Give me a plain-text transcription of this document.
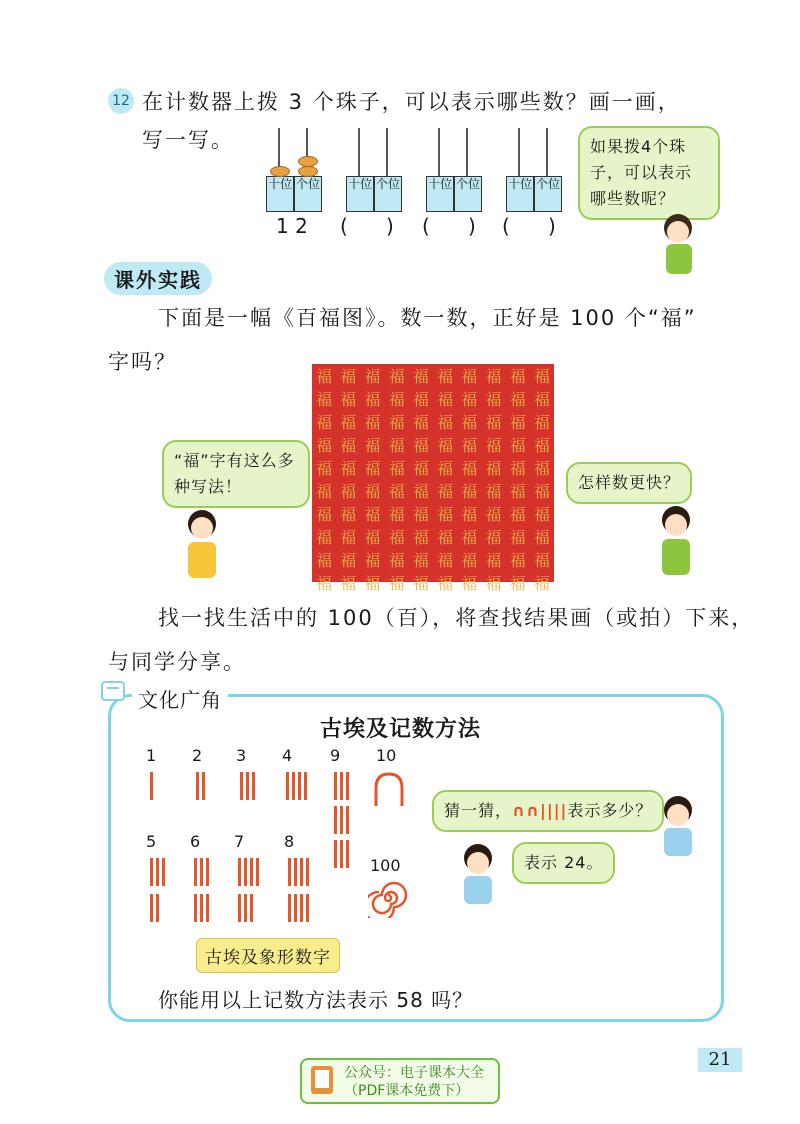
12 在计数器上拨 3 个珠子，可以表示哪些数？画一画，
写一写。
十位 个位 十位 个位 十位 个位 十位 个位
1 2 (      ) (      ) (      )
如果拨4个珠子，可以表示哪些数呢？
课外实践
下面是一幅《百福图》。数一数，正好是 100 个“福”
字吗？
福 福 福 福 福 福 福 福 福 福
福 福 福 福 福 福 福 福 福 福
福 福 福 福 福 福 福 福 福 福
福 福 福 福 福 福 福 福 福 福
福 福 福 福 福 福 福 福 福 福
福 福 福 福 福 福 福 福 福 福
福 福 福 福 福 福 福 福 福 福
福 福 福 福 福 福 福 福 福 福
福 福 福 福 福 福 福 福 福 福
福 福 福 福 福 福 福 福 福 福
“福”字有这么多种写法！	怎样数更快？
找一找生活中的 100（百），将查找结果画（或拍）下来，
与同学分享。
文化广角
古埃及记数方法
1 2 3 4 9 10
5 6 7 8
100
古埃及象形数字
猜一猜，∩∩||||表示多少？
表示 24。
你能用以上记数方法表示 58 吗？
21
公众号：电子课本大全
（PDF课本免费下）
